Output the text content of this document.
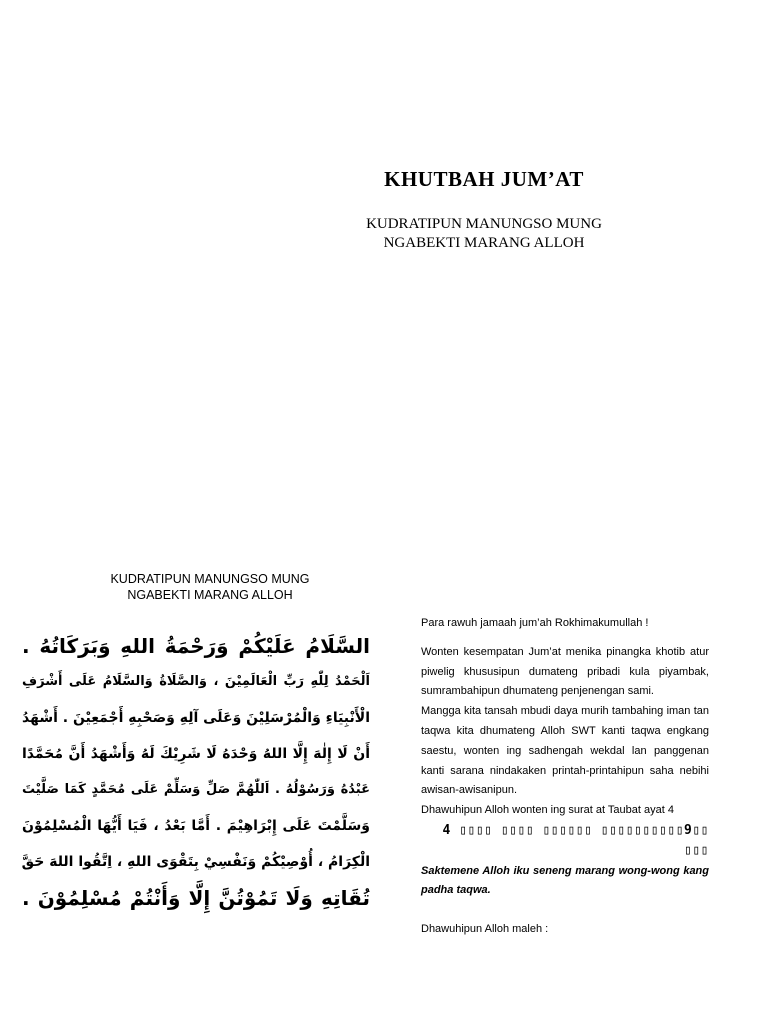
KHUTBAH JUM’AT
KUDRATIPUN MANUNGSO MUNG
NGABEKTI MARANG ALLOH
KUDRATIPUN MANUNGSO MUNG
NGABEKTI MARANG ALLOH
السَّلَامُ عَلَيْكُمْ وَرَحْمَةُ اللهِ وَبَرَكَاتُهُ .
اَلْحَمْدُ لِلّٰهِ رَبِّ الْعَالَمِيْنَ ، وَالصَّلَاةُ وَالسَّلَامُ عَلَى أَشْرَفِ
الْأَنْبِيَاءِ وَالْمُرْسَلِيْنَ وَعَلَى آلِهِ وَصَحْبِهِ أَجْمَعِيْنَ . أَشْهَدُ
أَنْ لَا إِلٰهَ إِلَّا اللهُ وَحْدَهُ لَا شَرِيْكَ لَهُ وَأَشْهَدُ أَنَّ مُحَمَّدًا
عَبْدُهُ وَرَسُوْلُهُ . اَللّٰهُمَّ صَلِّ وَسَلِّمْ عَلَى مُحَمَّدٍ كَمَا صَلَّيْتَ
وَسَلَّمْتَ عَلَى إِبْرَاهِيْمَ . أَمَّا بَعْدُ ، فَيَا أَيُّهَا الْمُسْلِمُوْنَ
الْكِرَامُ ، أُوْصِيْكُمْ وَنَفْسِيْ بِتَقْوَى اللهِ ، اِتَّقُوا اللهَ حَقَّ
تُقَاتِهِ وَلَا تَمُوْتُنَّ إِلَّا وَأَنْتُمْ مُسْلِمُوْنَ .

Para rawuh jamaah jum’ah Rokhimakumullah !

Wonten kesempatan Jum’at menika pinangka khotib atur piwelig khususipun dumateng pribadi kula piyambak, sumrambahipun dhumateng penjenengan sami.

Mangga kita tansah mbudi daya murih tambahing iman tan taqwa kita dhumateng Alloh SWT kanti taqwa engkang saestu, wonten ing sadhengah wekdal lan panggenan kanti sarana nindakaken printah-printahipun saha nebihi awisan-awisanipun.

Dhawuhipun Alloh wonten ing surat at Taubat ayat 4

4 ▯▯▯▯ ▯▯▯▯ ▯▯▯▯▯▯ ▯▯▯▯▯▯▯▯▯▯9▯▯ ▯▯▯

Saktemene Alloh iku seneng marang wong-wong kang padha taqwa.

Dhawuhipun Alloh maleh :
